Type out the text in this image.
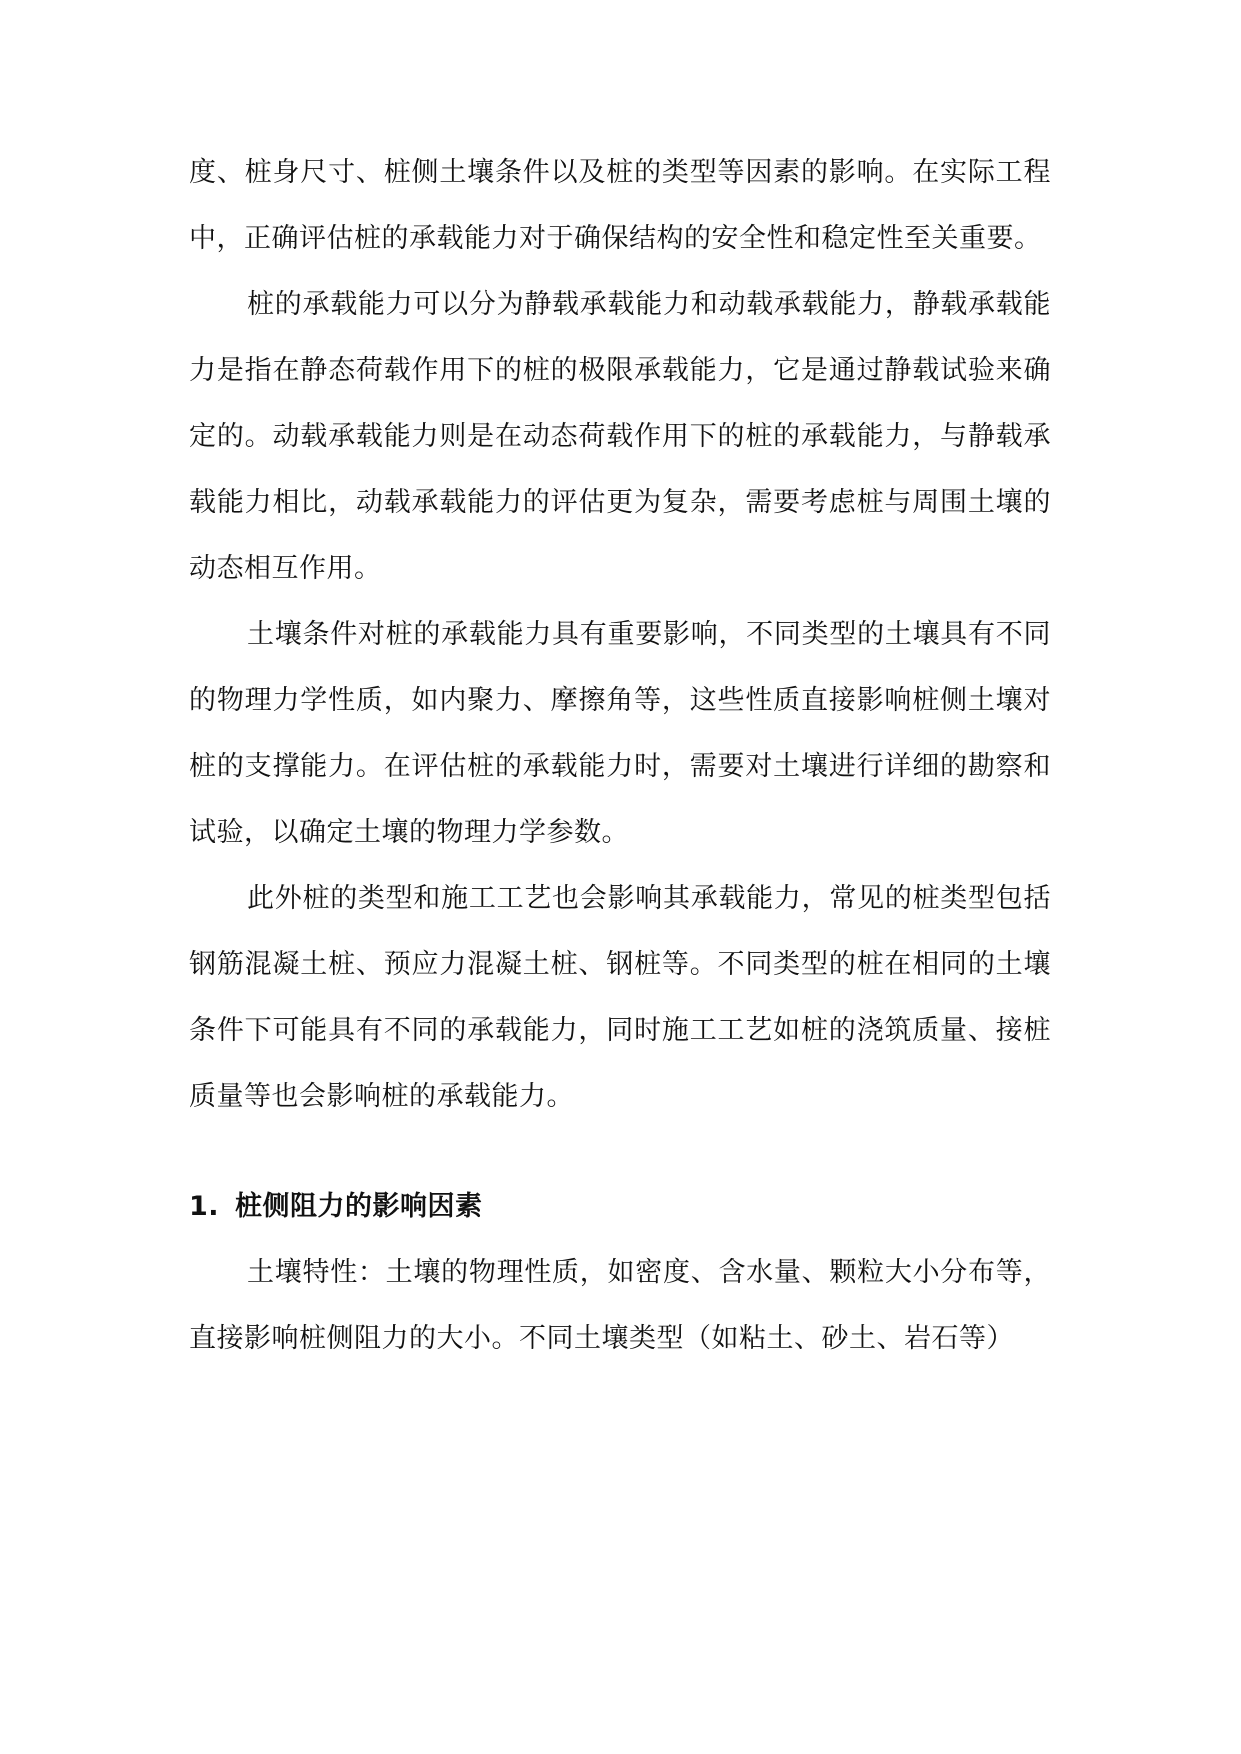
度、桩身尺寸、桩侧土壤条件以及桩的类型等因素的影响。在实际工程中，正确评估桩的承载能力对于确保结构的安全性和稳定性至关重要。

桩的承载能力可以分为静载承载能力和动载承载能力，静载承载能力是指在静态荷载作用下的桩的极限承载能力，它是通过静载试验来确定的。动载承载能力则是在动态荷载作用下的桩的承载能力，与静载承载能力相比，动载承载能力的评估更为复杂，需要考虑桩与周围土壤的动态相互作用。

土壤条件对桩的承载能力具有重要影响，不同类型的土壤具有不同的物理力学性质，如内聚力、摩擦角等，这些性质直接影响桩侧土壤对桩的支撑能力。在评估桩的承载能力时，需要对土壤进行详细的勘察和试验，以确定土壤的物理力学参数。

此外桩的类型和施工工艺也会影响其承载能力，常见的桩类型包括钢筋混凝土桩、预应力混凝土桩、钢桩等。不同类型的桩在相同的土壤条件下可能具有不同的承载能力，同时施工工艺如桩的浇筑质量、接桩质量等也会影响桩的承载能力。

1. 桩侧阻力的影响因素

土壤特性：土壤的物理性质，如密度、含水量、颗粒大小分布等，直接影响桩侧阻力的大小。不同土壤类型（如粘土、砂土、岩石等）
